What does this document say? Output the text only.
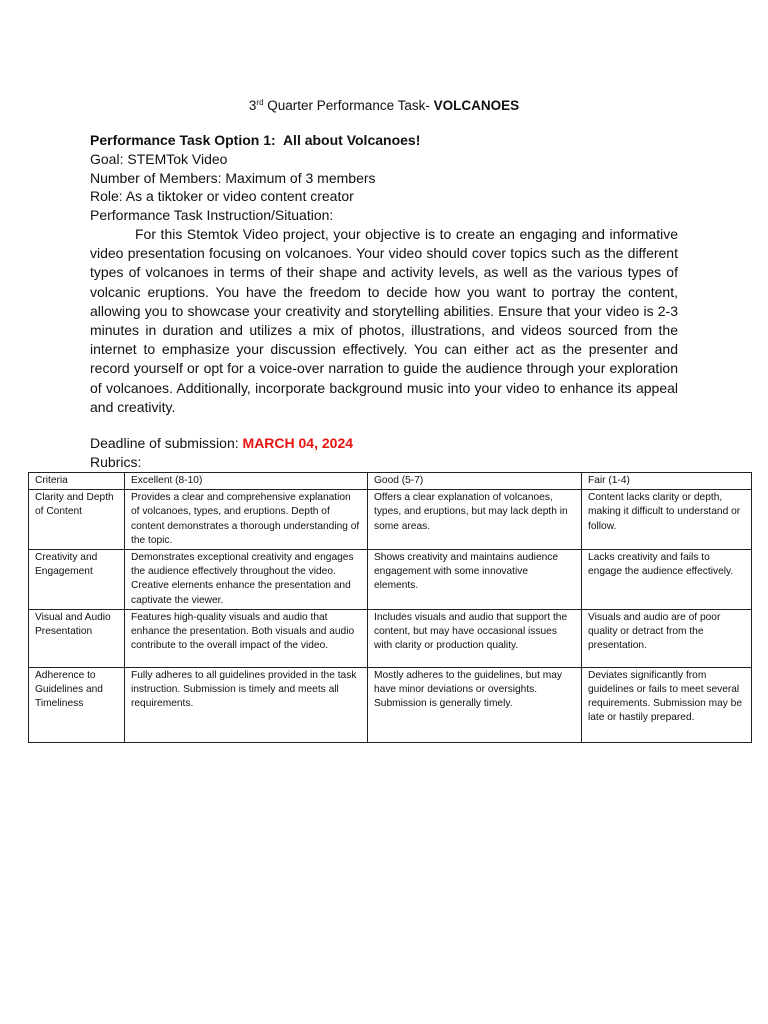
3rd Quarter Performance Task- VOLCANOES

Performance Task Option 1:  All about Volcanoes!

Goal: STEMTok Video

Number of Members: Maximum of 3 members

Role: As a tiktoker or video content creator

Performance Task Instruction/Situation:

For this Stemtok Video project, your objective is to create an engaging and informative video presentation focusing on volcanoes. Your video should cover topics such as the different types of volcanoes in terms of their shape and activity levels, as well as the various types of volcanic eruptions. You have the freedom to decide how you want to portray the content, allowing you to showcase your creativity and storytelling abilities. Ensure that your video is 2-3 minutes in duration and utilizes a mix of photos, illustrations, and videos sourced from the internet to emphasize your discussion effectively. You can either act as the presenter and record yourself or opt for a voice-over narration to guide the audience through your exploration of volcanoes. Additionally, incorporate background music into your video to enhance its appeal and creativity.

Deadline of submission: MARCH 04, 2024

Rubrics:

Criteria	Excellent (8-10)	Good (5-7)	Fair (1-4)
Clarity and Depth of Content	Provides a clear and comprehensive explanation of volcanoes, types, and eruptions. Depth of content demonstrates a thorough understanding of the topic.	Offers a clear explanation of volcanoes, types, and eruptions, but may lack depth in some areas.	Content lacks clarity or depth, making it difficult to understand or follow.
Creativity and Engagement	Demonstrates exceptional creativity and engages the audience effectively throughout the video. Creative elements enhance the presentation and captivate the viewer.	Shows creativity and maintains audience engagement with some innovative elements.	Lacks creativity and fails to engage the audience effectively.
Visual and Audio Presentation	Features high-quality visuals and audio that enhance the presentation. Both visuals and audio contribute to the overall impact of the video.	Includes visuals and audio that support the content, but may have occasional issues with clarity or production quality.	Visuals and audio are of poor quality or detract from the presentation.
Adherence to Guidelines and Timeliness	Fully adheres to all guidelines provided in the task instruction. Submission is timely and meets all requirements.	Mostly adheres to the guidelines, but may have minor deviations or oversights. Submission is generally timely.	Deviates significantly from guidelines or fails to meet several requirements. Submission may be late or hastily prepared.
